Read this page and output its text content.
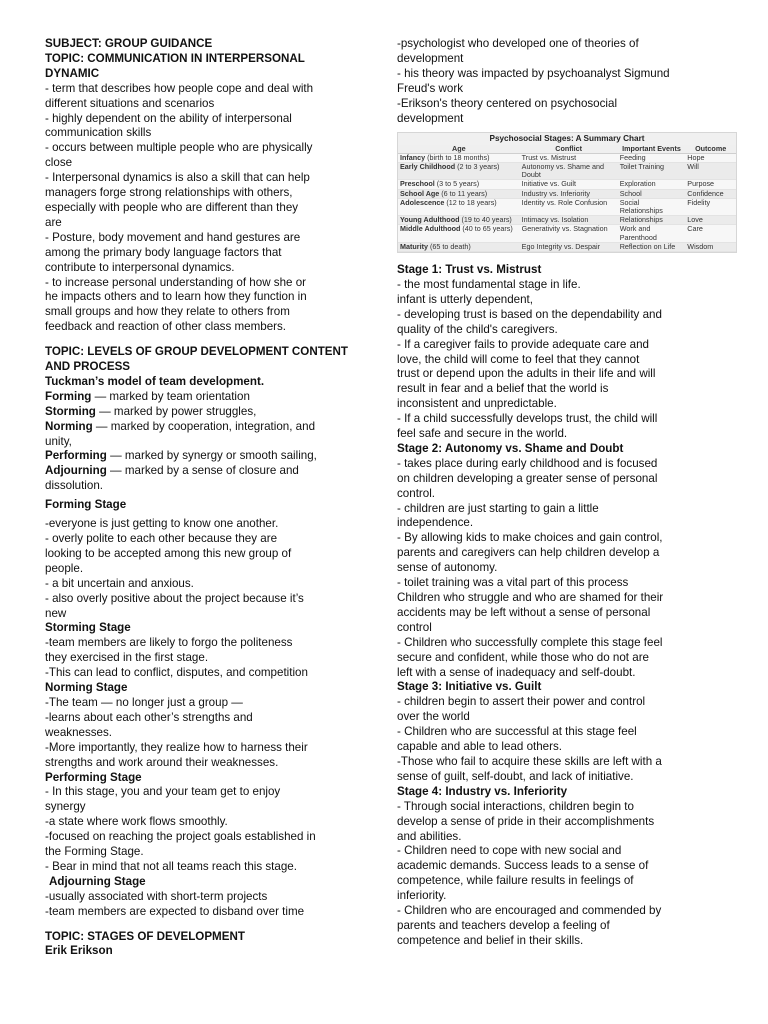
SUBJECT: GROUP GUIDANCE
TOPIC: COMMUNICATION IN INTERPERSONAL
DYNAMIC
- term that describes how people cope and deal with
different situations and scenarios
- highly dependent on the ability of interpersonal
communication skills
- occurs between multiple people who are physically
close
- Interpersonal dynamics is also a skill that can help
managers forge strong relationships with others,
especially with people who are different than they
are
- Posture, body movement and hand gestures are
among the primary body language factors that
contribute to interpersonal dynamics.
- to increase personal understanding of how she or
he impacts others and to learn how they function in
small groups and how they relate to others from
feedback and reaction of other class members.
TOPIC: LEVELS OF GROUP DEVELOPMENT CONTENT
AND PROCESS
Tuckman’s model of team development.
Forming — marked by team orientation
Storming — marked by power struggles,
Norming — marked by cooperation, integration, and
unity,
Performing — marked by synergy or smooth sailing,
Adjourning — marked by a sense of closure and
dissolution.
Forming Stage
-everyone is just getting to know one another.
- overly polite to each other because they are
looking to be accepted among this new group of
people.
- a bit uncertain and anxious.
- also overly positive about the project because it’s
new
Storming Stage
-team members are likely to forgo the politeness
they exercised in the first stage.
-This can lead to conflict, disputes, and competition
Norming Stage
-The team — no longer just a group —
-learns about each other’s strengths and
weaknesses.
-More importantly, they realize how to harness their
strengths and work around their weaknesses.
Performing Stage
- In this stage, you and your team get to enjoy
synergy
-a state where work flows smoothly.
-focused on reaching the project goals established in
the Forming Stage.
- Bear in mind that not all teams reach this stage.
Adjourning Stage
-usually associated with short-term projects
-team members are expected to disband over time
TOPIC: STAGES OF DEVELOPMENT
Erik Erikson
-psychologist who developed one of theories of
development
- his theory was impacted by psychoanalyst Sigmund
Freud's work
-Erikson's theory centered on psychosocial
development
Psychosocial Stages: A Summary Chart
Age	Conflict	Important Events	Outcome
Infancy (birth to 18 months)	Trust vs. Mistrust	Feeding	Hope
Early Childhood (2 to 3 years)	Autonomy vs. Shame and Doubt	Toilet Training	Will
Preschool (3 to 5 years)	Initiative vs. Guilt	Exploration	Purpose
School Age (6 to 11 years)	Industry vs. Inferiority	School	Confidence
Adolescence (12 to 18 years)	Identity vs. Role Confusion	Social Relationships	Fidelity
Young Adulthood (19 to 40 years)	Intimacy vs. Isolation	Relationships	Love
Middle Adulthood (40 to 65 years)	Generativity vs. Stagnation	Work and Parenthood	Care
Maturity (65 to death)	Ego Integrity vs. Despair	Reflection on Life	Wisdom
Stage 1: Trust vs. Mistrust
- the most fundamental stage in life.
infant is utterly dependent,
- developing trust is based on the dependability and
quality of the child's caregivers.
- If a caregiver fails to provide adequate care and
love, the child will come to feel that they cannot
trust or depend upon the adults in their life and will
result in fear and a belief that the world is
inconsistent and unpredictable.
- If a child successfully develops trust, the child will
feel safe and secure in the world.
Stage 2: Autonomy vs. Shame and Doubt
- takes place during early childhood and is focused
on children developing a greater sense of personal
control.
- children are just starting to gain a little
independence.
- By allowing kids to make choices and gain control,
parents and caregivers can help children develop a
sense of autonomy.
- toilet training was a vital part of this process
Children who struggle and who are shamed for their
accidents may be left without a sense of personal
control
- Children who successfully complete this stage feel
secure and confident, while those who do not are
left with a sense of inadequacy and self-doubt.
Stage 3: Initiative vs. Guilt
- children begin to assert their power and control
over the world
- Children who are successful at this stage feel
capable and able to lead others.
-Those who fail to acquire these skills are left with a
sense of guilt, self-doubt, and lack of initiative.
Stage 4: Industry vs. Inferiority
- Through social interactions, children begin to
develop a sense of pride in their accomplishments
and abilities.
- Children need to cope with new social and
academic demands. Success leads to a sense of
competence, while failure results in feelings of
inferiority.
- Children who are encouraged and commended by
parents and teachers develop a feeling of
competence and belief in their skills.
